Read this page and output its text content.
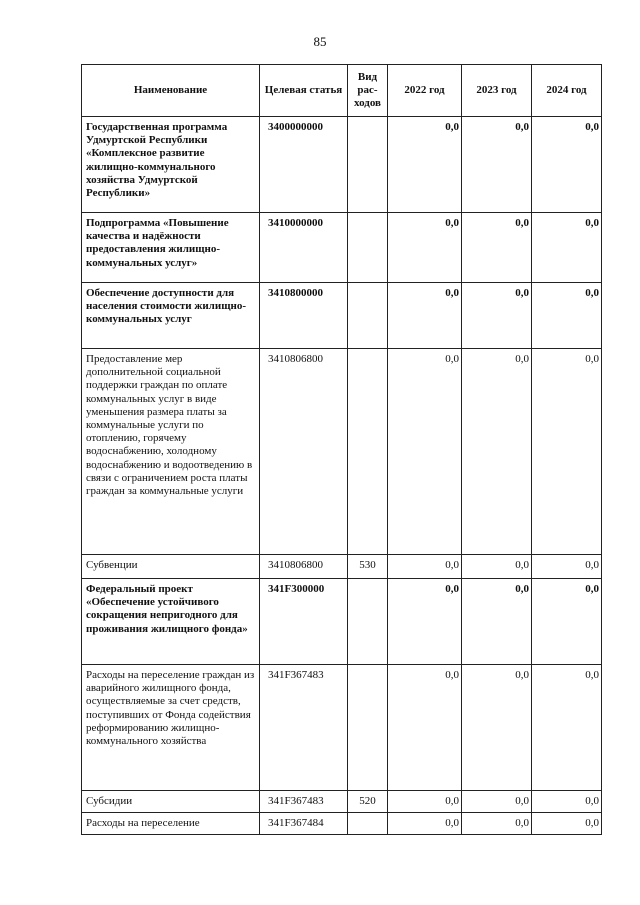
85
Наименование	Целевая статья	Вид рас-ходов	2022 год	2023 год	2024 год
Государственная программа Удмуртской Республики «Комплексное развитие жилищно-коммунального хозяйства Удмуртской Республики»	3400000000		0,0	0,0	0,0
Подпрограмма «Повышение качества и надёжности предоставления жилищно-коммунальных услуг»	3410000000		0,0	0,0	0,0
Обеспечение доступности для населения стоимости жилищно-коммунальных услуг	3410800000		0,0	0,0	0,0
Предоставление мер дополнительной социальной поддержки граждан по оплате коммунальных услуг в виде уменьшения размера платы за коммунальные услуги по отоплению, горячему водоснабжению, холодному водоснабжению и водоотведению в связи с ограничением роста платы граждан за коммунальные услуги	3410806800		0,0	0,0	0,0
Субвенции	3410806800	530	0,0	0,0	0,0
Федеральный проект «Обеспечение устойчивого сокращения непригодного для проживания жилищного фонда»	341F300000		0,0	0,0	0,0
Расходы на переселение граждан из аварийного жилищного фонда, осуществляемые за счет средств, поступивших от Фонда содействия реформированию жилищно-коммунального хозяйства	341F367483		0,0	0,0	0,0
Субсидии	341F367483	520	0,0	0,0	0,0
Расходы на переселение	341F367484		0,0	0,0	0,0
